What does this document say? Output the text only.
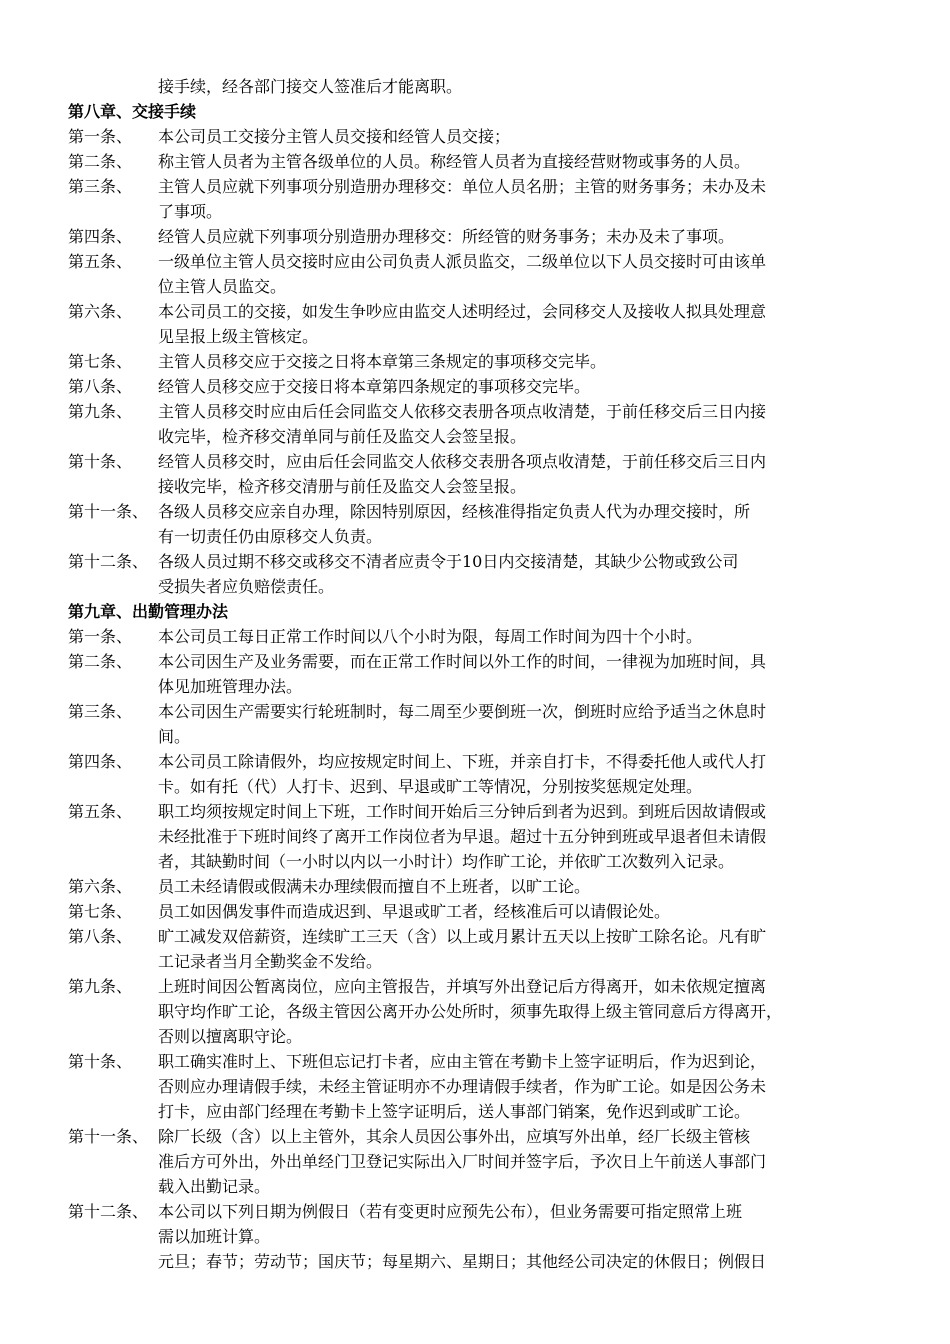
接手续，经各部门接交人签准后才能离职。
第八章、交接手续
第一条、	本公司员工交接分主管人员交接和经管人员交接；
第二条、	称主管人员者为主管各级单位的人员。称经管人员者为直接经营财物或事务的人员。
第三条、	主管人员应就下列事项分别造册办理移交：单位人员名册；主管的财务事务；未办及未
了事项。
第四条、	经管人员应就下列事项分别造册办理移交：所经管的财务事务；未办及未了事项。
第五条、	一级单位主管人员交接时应由公司负责人派员监交，二级单位以下人员交接时可由该单
位主管人员监交。
第六条、	本公司员工的交接，如发生争吵应由监交人述明经过，会同移交人及接收人拟具处理意
见呈报上级主管核定。
第七条、	主管人员移交应于交接之日将本章第三条规定的事项移交完毕。
第八条、	经管人员移交应于交接日将本章第四条规定的事项移交完毕。
第九条、	主管人员移交时应由后任会同监交人依移交表册各项点收清楚，于前任移交后三日内接
收完毕，检齐移交清单同与前任及监交人会签呈报。
第十条、	经管人员移交时，应由后任会同监交人依移交表册各项点收清楚，于前任移交后三日内
接收完毕，检齐移交清册与前任及监交人会签呈报。
第十一条、 各级人员移交应亲自办理，除因特别原因，经核准得指定负责人代为办理交接时，所
有一切责任仍由原移交人负责。
第十二条、 各级人员过期不移交或移交不清者应责令于10日内交接清楚，其缺少公物或致公司
受损失者应负赔偿责任。
第九章、出勤管理办法
第一条、	本公司员工每日正常工作时间以八个小时为限，每周工作时间为四十个小时。
第二条、	本公司因生产及业务需要，而在正常工作时间以外工作的时间，一律视为加班时间，具
体见加班管理办法。
第三条、	本公司因生产需要实行轮班制时，每二周至少要倒班一次，倒班时应给予适当之休息时
间。
第四条、	本公司员工除请假外，均应按规定时间上、下班，并亲自打卡，不得委托他人或代人打
卡。如有托（代）人打卡、迟到、早退或旷工等情况，分别按奖惩规定处理。
第五条、	职工均须按规定时间上下班，工作时间开始后三分钟后到者为迟到。到班后因故请假或
未经批准于下班时间终了离开工作岗位者为早退。超过十五分钟到班或早退者但未请假
者，其缺勤时间（一小时以内以一小时计）均作旷工论，并依旷工次数列入记录。
第六条、	员工未经请假或假满未办理续假而擅自不上班者，以旷工论。
第七条、	员工如因偶发事件而造成迟到、早退或旷工者，经核准后可以请假论处。
第八条、	旷工减发双倍薪资，连续旷工三天（含）以上或月累计五天以上按旷工除名论。凡有旷
工记录者当月全勤奖金不发给。
第九条、	上班时间因公暂离岗位，应向主管报告，并填写外出登记后方得离开，如未依规定擅离
职守均作旷工论，各级主管因公离开办公处所时，须事先取得上级主管同意后方得离开，
否则以擅离职守论。
第十条、	职工确实准时上、下班但忘记打卡者，应由主管在考勤卡上签字证明后，作为迟到论，
否则应办理请假手续，未经主管证明亦不办理请假手续者，作为旷工论。如是因公务未
打卡，应由部门经理在考勤卡上签字证明后，送人事部门销案，免作迟到或旷工论。
第十一条、 除厂长级（含）以上主管外，其余人员因公事外出，应填写外出单，经厂长级主管核
准后方可外出，外出单经门卫登记实际出入厂时间并签字后，予次日上午前送人事部门
载入出勤记录。
第十二条、 本公司以下列日期为例假日（若有变更时应预先公布），但业务需要可指定照常上班
需以加班计算。
元旦；春节；劳动节；国庆节；每星期六、星期日；其他经公司决定的休假日；例假日
